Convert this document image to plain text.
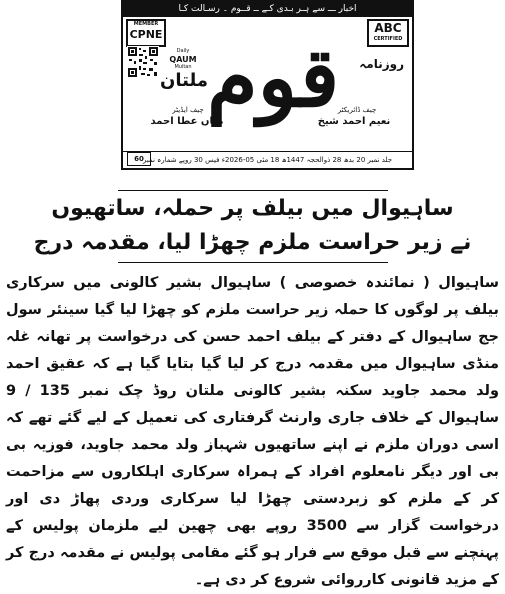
اخبار ـــ سے ہـر بـدی کـے ــ قــوم ۔ رسـالت کـا
MEMBER
CPNE	ABC
CERTIFIED
Daily
QAUM
Multan قوم	روزنامہ
ملتان
چیف ایڈیٹر
میاں عطا احمد
چیف ڈائریکٹر
نعیم احمد شیخ
جلد نمبر 20 بدھ 28 ذوالحجہ 1447ھ 18 مئی 05-2026ء فیس 30 روپے شمارہ نمبر
60
ساہیوال میں بیلف پر حملہ، ساتھیوں
نے زیر حراست ملزم چھڑا لیا، مقدمہ درج

ساہیوال ( نمائندہ خصوصی ) ساہیوال بشیر کالونی میں سرکاری بیلف پر لوگوں کا حملہ زیر حراست ملزم کو چھڑا لیا گیا سینئر سول جج ساہیوال کے دفتر کے بیلف احمد حسن کی درخواست پر تھانہ غلہ منڈی ساہیوال میں مقدمہ درج کر لیا گیا بتایا گیا ہے کہ عقیق احمد ولد محمد جاوید سکنہ بشیر کالونی ملتان روڈ چک نمبر 135 / 9 ساہیوال کے خلاف جاری وارنٹ گرفتاری کی تعمیل کے لیے گئے تھے کہ اسی دوران ملزم نے اپنے ساتھیوں شہباز ولد محمد جاوید، فوزیہ بی بی اور دیگر نامعلوم افراد کے ہمراہ سرکاری اہلکاروں سے مزاحمت کر کے ملزم کو زبردستی چھڑا لیا سرکاری وردی پھاڑ دی اور درخواست گزار سے 3500 روپے بھی چھین لیے ملزمان پولیس کے پہنچنے سے قبل موقع سے فرار ہو گئے مقامی پولیس نے مقدمہ درج کر کے مزید قانونی کارروائی شروع کر دی ہے۔
